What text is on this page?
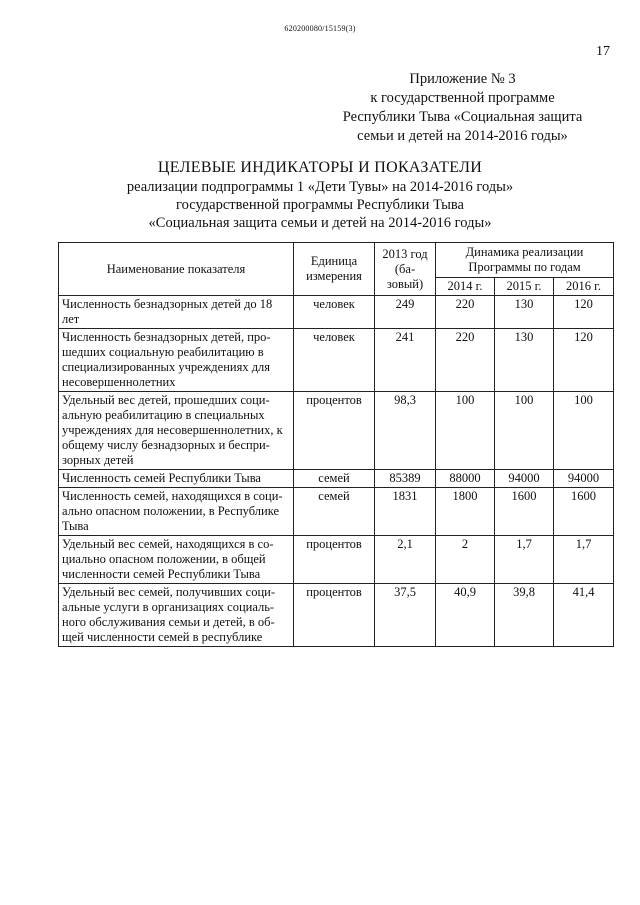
620200080/15159(3)
17
Приложение № 3
к государственной программе
Республики Тыва «Социальная защита
семьи и детей на 2014-2016 годы»
ЦЕЛЕВЫЕ ИНДИКАТОРЫ И ПОКАЗАТЕЛИ
реализации подпрограммы 1 «Дети Тувы» на 2014-2016 годы»
государственной программы Республики Тыва
«Социальная защита семьи и детей на 2014-2016 годы»
Наименование показателя	Единица измерения	2013 год (ба-зовый)	Динамика реализации Программы по годам		
			2014 г.	2015 г.	2016 г.
Численность безнадзорных детей до 18 лет	человек	249	220	130	120
Численность безнадзорных детей, про-шедших социальную реабилитацию в специализированных учреждениях для несовершеннолетних	человек	241	220	130	120
Удельный вес детей, прошедших соци-альную реабилитацию в специальных учреждениях для несовершеннолетних, к общему числу безнадзорных и беспри-зорных детей	процентов	98,3	100	100	100
Численность семей Республики Тыва	семей	85389	88000	94000	94000
Численность семей, находящихся в соци-ально опасном положении, в Республике Тыва	семей	1831	1800	1600	1600
Удельный вес семей, находящихся в со-циально опасном положении, в общей численности семей Республики Тыва	процентов	2,1	2	1,7	1,7
Удельный вес семей, получивших соци-альные услуги в организациях социаль-ного обслуживания семьи и детей, в об-щей численности семей в республике	процентов	37,5	40,9	39,8	41,4
